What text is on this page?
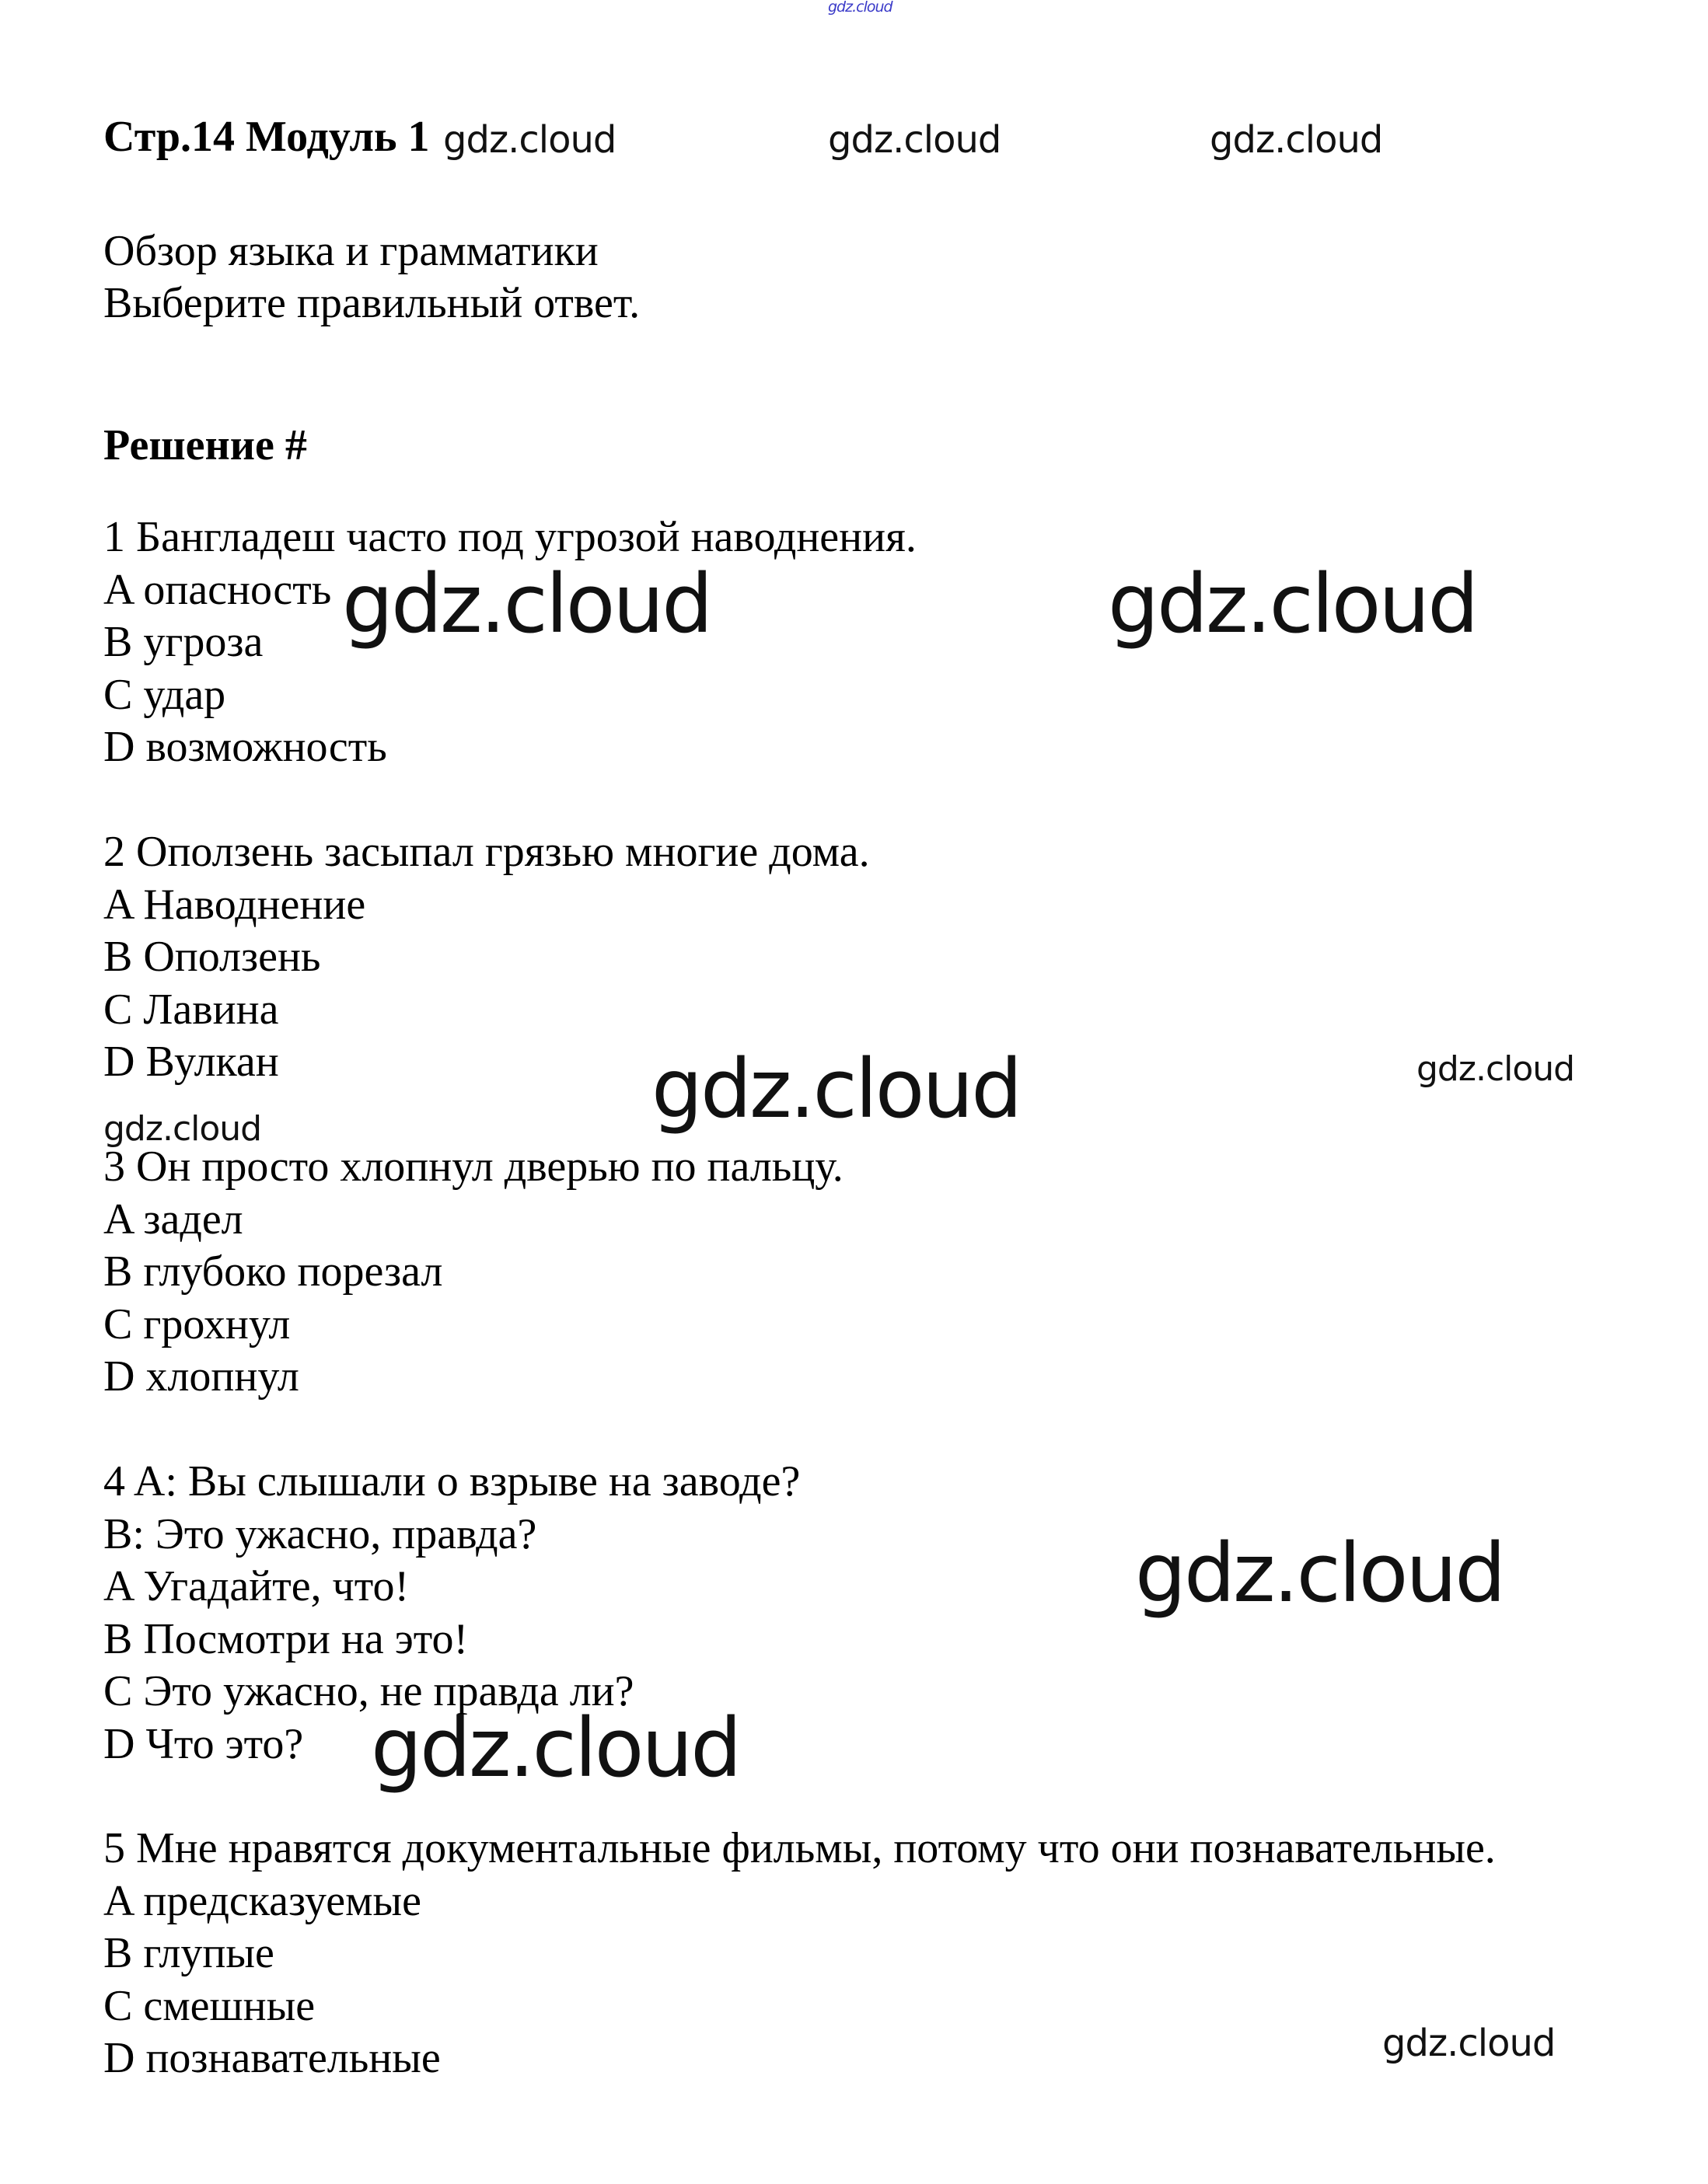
gdz.cloud
Стр.14 Модуль 1 gdz.cloud	gdz.cloud	gdz.cloud
Обзор языка и грамматики
Выберите правильный ответ.
Решение #
1 Бангладеш часто под угрозой наводнения.
A опасность
B угроза
C удар
D возможность
gdz.cloud	gdz.cloud
2 Оползень засыпал грязью многие дома.
A Наводнение
B Оползень
C Лавина
D Вулкан	gdz.cloud	gdz.cloud
gdz.cloud
3 Он просто хлопнул дверью по пальцу.
A задел
B глубоко порезал
C грохнул
D хлопнул
4 A: Вы слышали о взрыве на заводе?
B: Это ужасно, правда?
A Угадайте, что!
B Посмотри на это!
C Это ужасно, не правда ли?
D Что это?
gdz.cloud
gdz.cloud
5 Мне нравятся документальные фильмы, потому что они познавательные.
A предсказуемые
B глупые
C смешные
D познавательные	gdz.cloud
